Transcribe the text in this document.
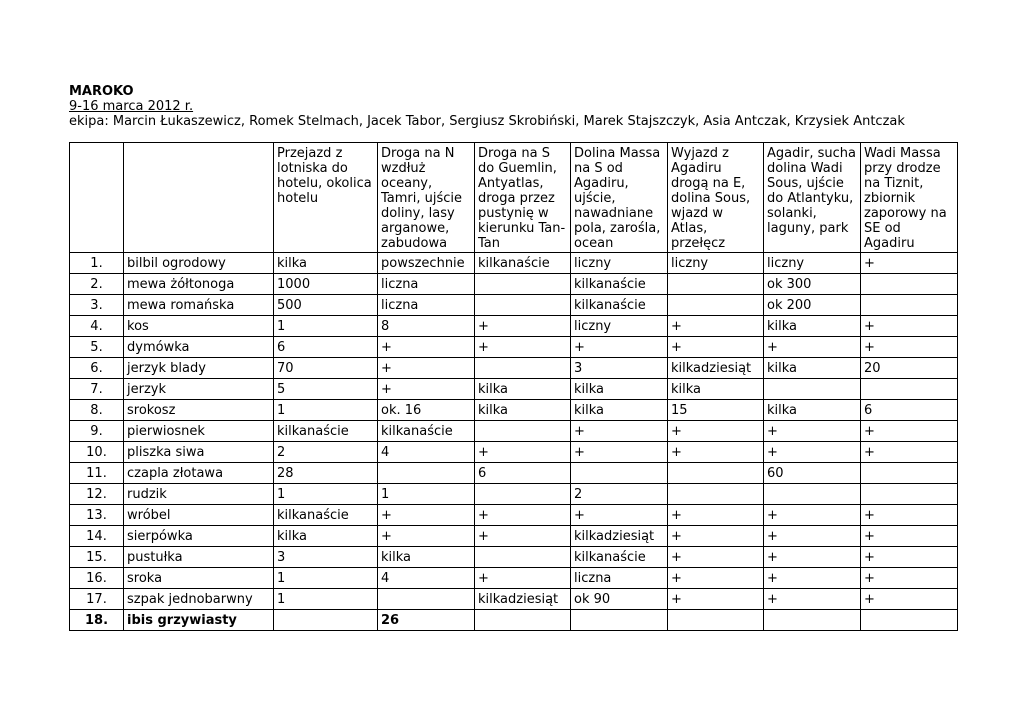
MAROKO
9-16 marca 2012 r.
ekipa: Marcin Łukaszewicz, Romek Stelmach, Jacek Tabor, Sergiusz Skrobiński, Marek Stajszczyk, Asia Antczak, Krzysiek Antczak
		Przejazd z lotniska do hotelu, okolica hotelu	Droga na N wzdłuż oceany, Tamri, ujście doliny, lasy arganowe, zabudowa	Droga na S do Guemlin, Antyatlas, droga przez pustynię w kierunku Tan-Tan	Dolina Massa na S od Agadiru, ujście, nawadniane pola, zarośla, ocean	Wyjazd z Agadiru drogą na E, dolina Sous, wjazd w Atlas, przełęcz	Agadir, sucha dolina Wadi Sous, ujście do Atlantyku, solanki, laguny, park	Wadi Massa przy drodze na Tiznit, zbiornik zaporowy na SE od Agadiru
1.	bilbil ogrodowy	kilka	powszechnie	kilkanaście	liczny	liczny	liczny	+
2.	mewa żółtonoga	1000	liczna		kilkanaście		ok 300	
3.	mewa romańska	500	liczna		kilkanaście		ok 200	
4.	kos	1	8	+	liczny	+	kilka	+
5.	dymówka	6	+	+	+	+	+	+
6.	jerzyk blady	70	+		3	kilkadziesiąt	kilka	20
7.	jerzyk	5	+	kilka	kilka	kilka		
8.	srokosz	1	ok. 16	kilka	kilka	15	kilka	6
9.	pierwiosnek	kilkanaście	kilkanaście		+	+	+	+
10.	pliszka siwa	2	4	+	+	+	+	+
11.	czapla złotawa	28		6			60	
12.	rudzik	1	1		2			
13.	wróbel	kilkanaście	+	+	+	+	+	+
14.	sierpówka	kilka	+	+	kilkadziesiąt	+	+	+
15.	pustułka	3	kilka		kilkanaście	+	+	+
16.	sroka	1	4	+	liczna	+	+	+
17.	szpak jednobarwny	1		kilkadziesiąt	ok 90	+	+	+
18.	ibis grzywiasty		26					
